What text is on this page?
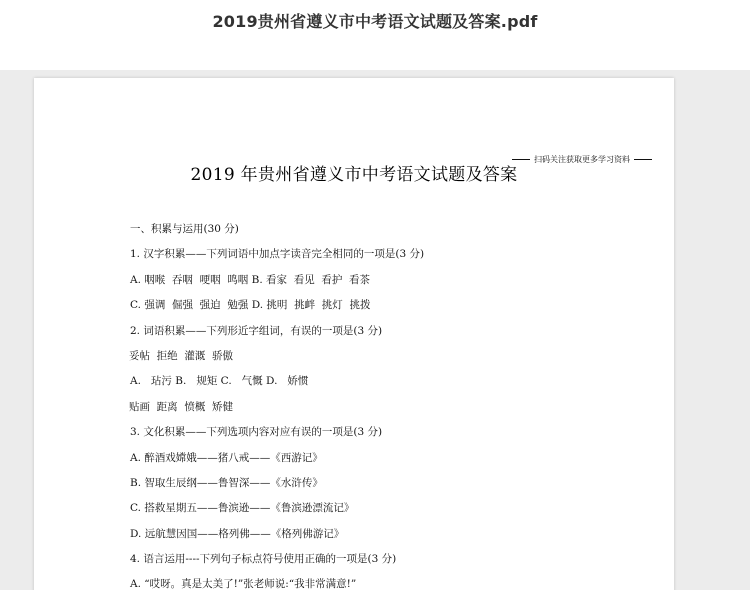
2019贵州省遵义市中考语文试题及答案.pdf
扫码关注获取更多学习资料
2019 年贵州省遵义市中考语文试题及答案
一、积累与运用(30 分)
1. 汉字积累——下列词语中加点字读音完全相同的一项是(3 分)
A. 咽喉  吞咽  哽咽  鸣咽 B. 看家  看见  看护  看茶
C. 强调  倔强  强迫  勉强 D. 挑明  挑衅  挑灯  挑拨
2. 词语积累——下列形近字组词，有误的一项是(3 分)
妥帖  拒绝  灌溉  骄傲
A.   玷污 B.   规矩 C.   气慨 D.   娇惯
贴画  距离  愤概  矫健
3. 文化积累——下列选项内容对应有误的一项是(3 分)
A. 醉酒戏嫦娥——猪八戒——《西游记》
B. 智取生辰纲——鲁智深——《水浒传》
C. 搭救星期五——鲁滨逊——《鲁滨逊漂流记》
D. 远航慧因国——格列佛——《格列佛游记》
4. 语言运用----下列句子标点符号使用正确的一项是(3 分)
A. “哎呀。真是太美了!”张老师说:“我非常满意!”
